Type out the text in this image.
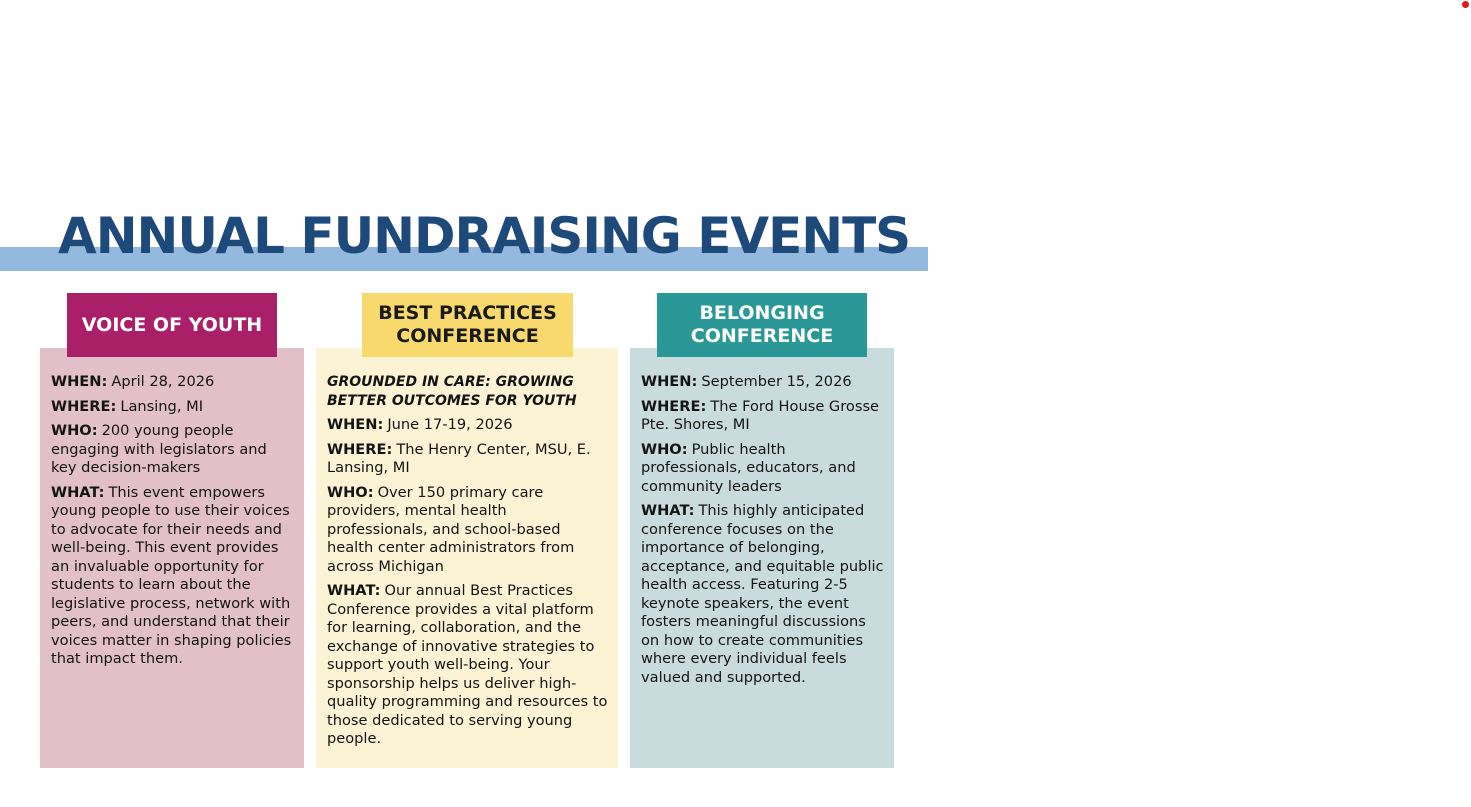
ANNUAL FUNDRAISING EVENTS

WHEN: April 28, 2026

WHERE: Lansing, MI

WHO: 200 young people engaging with legislators and key decision-makers

WHAT: This event empowers young people to use their voices to advocate for their needs and well-being. This event provides an invaluable opportunity for students to learn about the legislative process, network with peers, and understand that their voices matter in shaping policies that impact them.

VOICE OF YOUTH

GROUNDED IN CARE: GROWING BETTER OUTCOMES FOR YOUTH

WHEN: June 17-19, 2026

WHERE: The Henry Center, MSU, E. Lansing, MI

WHO: Over 150 primary care providers, mental health professionals, and school-based health center administrators from across Michigan

WHAT: Our annual Best Practices Conference provides a vital platform for learning, collaboration, and the exchange of innovative strategies to support youth well-being. Your sponsorship helps us deliver high-quality programming and resources to those dedicated to serving young people.

BEST PRACTICES CONFERENCE

WHEN: September 15, 2026

WHERE: The Ford House Grosse Pte. Shores, MI

WHO: Public health professionals, educators, and community leaders

WHAT: This highly anticipated conference focuses on the importance of belonging, acceptance, and equitable public health access. Featuring 2-5 keynote speakers, the event fosters meaningful discussions on how to create communities where every individual feels valued and supported.

BELONGING CONFERENCE
